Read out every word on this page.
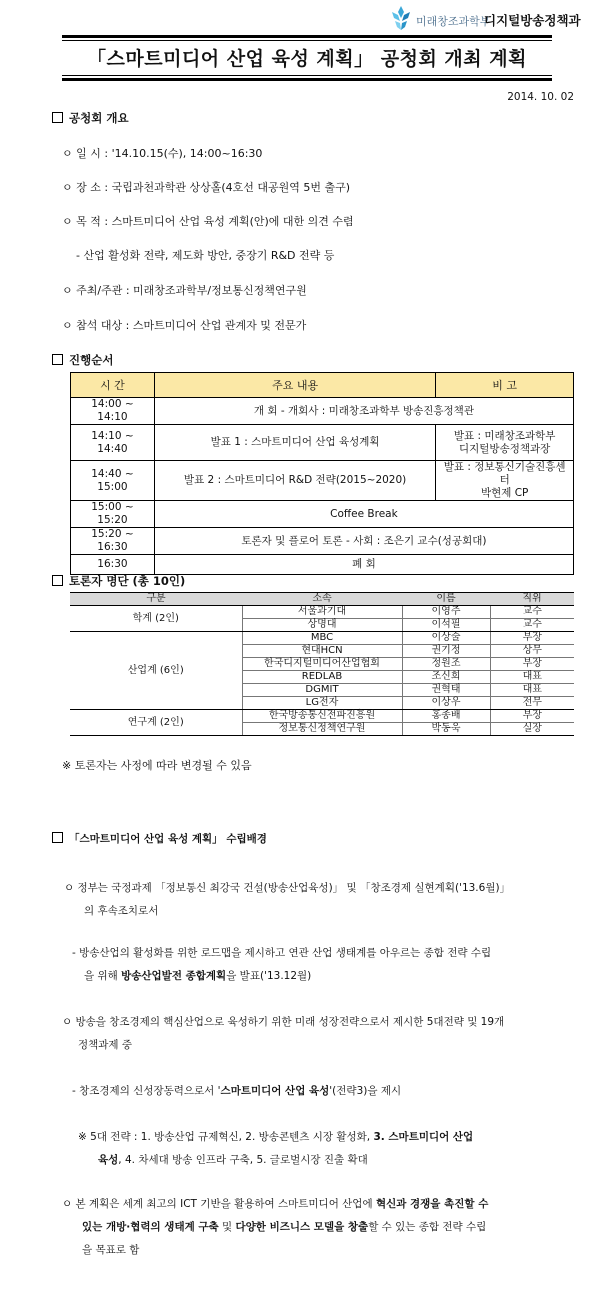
미래창조과학부
디지털방송정책과
「스마트미디어 산업 육성 계획」 공청회 개최 계획
2014. 10. 02
공청회 개요
ㅇ 일 시 : '14.10.15(수), 14:00~16:30
ㅇ 장 소 : 국립과천과학관 상상홀(4호선 대공원역 5번 출구)
ㅇ 목 적 : 스마트미디어 산업 육성 계획(안)에 대한 의견 수렴
- 산업 활성화 전략, 제도화 방안, 중장기 R&D 전략 등
ㅇ 주최/주관 : 미래창조과학부/정보통신정책연구원
ㅇ 참석 대상 : 스마트미디어 산업 관계자 및 전문가
진행순서
시 간	주요 내용	비 고
14:00 ~ 14:10	개 회 - 개회사 : 미래창조과학부 방송진흥정책관	
14:10 ~ 14:40	발표 1 : 스마트미디어 산업 육성계획	발표 : 미래창조과학부
디지털방송정책과장

14:40 ~ 15:00	발표 2 : 스마트미디어 R&D 전략(2015~2020)	발표 : 정보통신기술진흥센터
박현제 CP

15:00 ~ 15:20	Coffee Break	
15:20 ~ 16:30	토론자 및 플로어 토론 - 사회 : 조은기 교수(성공회대)	
16:30	폐 회	
토론자 명단 (총 10인)
구분	소속	이름	직위
학계 (2인)	서울과기대	이영주	교수
	상명대	이석필	교수
산업계 (6인)	MBC	이상술	부장
	현대HCN	권기정	상무
	한국디지털미디어산업협회	정원조	부장
	REDLAB	조신희	대표
	DGMIT	권혁태	대표
	LG전자	이상우	전무
연구계 (2인)	한국방송통신전파진흥원	홍종배	부장
	정보통신정책연구원	박동욱	실장
※ 토론자는 사정에 따라 변경될 수 있음
「스마트미디어 산업 육성 계획」 수립배경
ㅇ 정부는 국정과제 「정보통신 최강국 건설(방송산업육성)」 및 「창조경제 실현계획('13.6월)」
의 후속조치로서
- 방송산업의 활성화를 위한 로드맵을 제시하고 연관 산업 생태계를 아우르는 종합 전략 수립
을 위해 방송산업발전 종합계획을 발표('13.12월)
ㅇ 방송을 창조경제의 핵심산업으로 육성하기 위한 미래 성장전략으로서 제시한 5대전략 및 19개
정책과제 중
- 창조경제의 신성장동력으로서 '스마트미디어 산업 육성'(전략3)을 제시
※ 5대 전략 : 1. 방송산업 규제혁신, 2. 방송콘텐츠 시장 활성화, 3. 스마트미디어 산업
육성, 4. 차세대 방송 인프라 구축, 5. 글로벌시장 진출 확대
ㅇ 본 계획은 세계 최고의 ICT 기반을 활용하여 스마트미디어 산업에 혁신과 경쟁을 촉진할 수
있는 개방·협력의 생태계 구축 및 다양한 비즈니스 모델을 창출할 수 있는 종합 전략 수립
을 목표로 함
